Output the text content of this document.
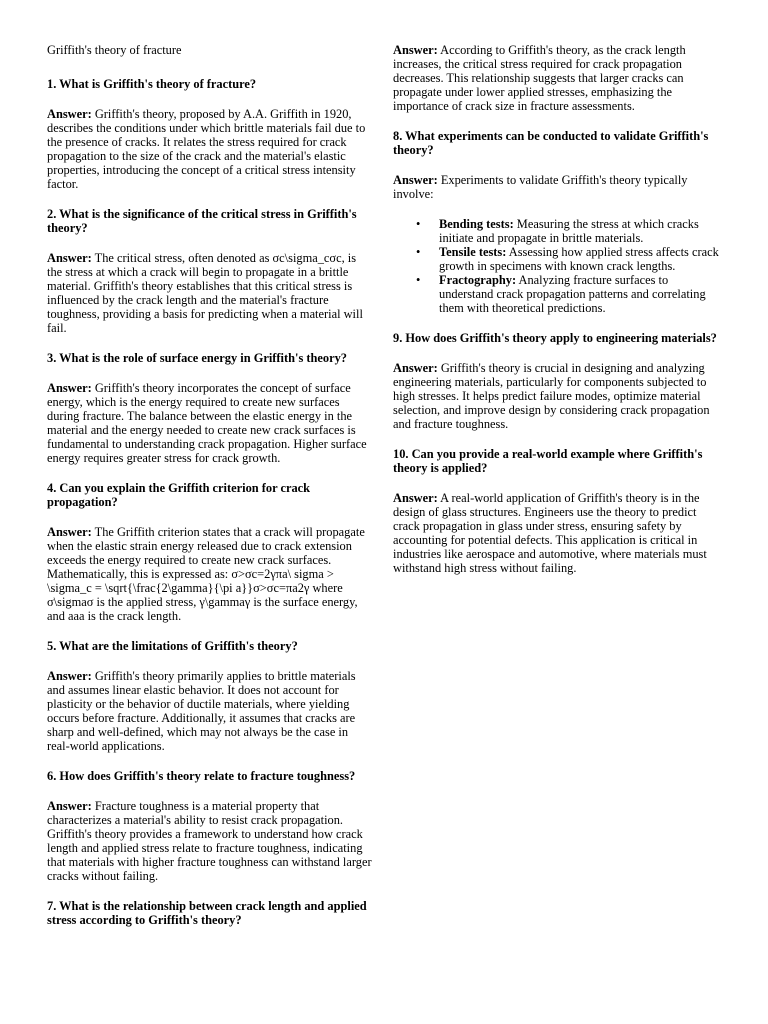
Griffith's theory of fracture

1. What is Griffith's theory of fracture?

Answer: Griffith's theory, proposed by A.A. Griffith in 1920, describes the conditions under which brittle materials fail due to the presence of cracks. It relates the stress required for crack propagation to the size of the crack and the material's elastic properties, introducing the concept of a critical stress intensity factor.

2. What is the significance of the critical stress in Griffith's theory?

Answer: The critical stress, often denoted as σc\sigma_cσc, is the stress at which a crack will begin to propagate in a brittle material. Griffith's theory establishes that this critical stress is influenced by the crack length and the material's fracture toughness, providing a basis for predicting when a material will fail.

3. What is the role of surface energy in Griffith's theory?

Answer: Griffith's theory incorporates the concept of surface energy, which is the energy required to create new surfaces during fracture. The balance between the elastic energy in the material and the energy needed to create new crack surfaces is fundamental to understanding crack propagation. Higher surface energy requires greater stress for crack growth.

4. Can you explain the Griffith criterion for crack propagation?

Answer: The Griffith criterion states that a crack will propagate when the elastic strain energy released due to crack extension exceeds the energy required to create new crack surfaces. Mathematically, this is expressed as: σ>σc=2γπa\ sigma > \sigma_c = \sqrt{\frac{2\gamma}{\pi a}}σ>σc=πa2γ where σ\sigmaσ is the applied stress, γ\gammaγ is the surface energy, and aaa is the crack length.

5. What are the limitations of Griffith's theory?

Answer: Griffith's theory primarily applies to brittle materials and assumes linear elastic behavior. It does not account for plasticity or the behavior of ductile materials, where yielding occurs before fracture. Additionally, it assumes that cracks are sharp and well-defined, which may not always be the case in real-world applications.

6. How does Griffith's theory relate to fracture toughness?

Answer: Fracture toughness is a material property that characterizes a material's ability to resist crack propagation. Griffith's theory provides a framework to understand how crack length and applied stress relate to fracture toughness, indicating that materials with higher fracture toughness can withstand larger cracks without failing.

7. What is the relationship between crack length and applied stress according to Griffith's theory?

Answer: According to Griffith's theory, as the crack length increases, the critical stress required for crack propagation decreases. This relationship suggests that larger cracks can propagate under lower applied stresses, emphasizing the importance of crack size in fracture assessments.

8. What experiments can be conducted to validate Griffith's theory?

Answer: Experiments to validate Griffith's theory typically involve:

• Bending tests: Measuring the stress at which cracks initiate and propagate in brittle materials.
• Tensile tests: Assessing how applied stress affects crack growth in specimens with known crack lengths.
• Fractography: Analyzing fracture surfaces to understand crack propagation patterns and correlating them with theoretical predictions.

9. How does Griffith's theory apply to engineering materials?

Answer: Griffith's theory is crucial in designing and analyzing engineering materials, particularly for components subjected to high stresses. It helps predict failure modes, optimize material selection, and improve design by considering crack propagation and fracture toughness.

10. Can you provide a real-world example where Griffith's theory is applied?

Answer: A real-world application of Griffith's theory is in the design of glass structures. Engineers use the theory to predict crack propagation in glass under stress, ensuring safety by accounting for potential defects. This application is critical in industries like aerospace and automotive, where materials must withstand high stress without failing.
